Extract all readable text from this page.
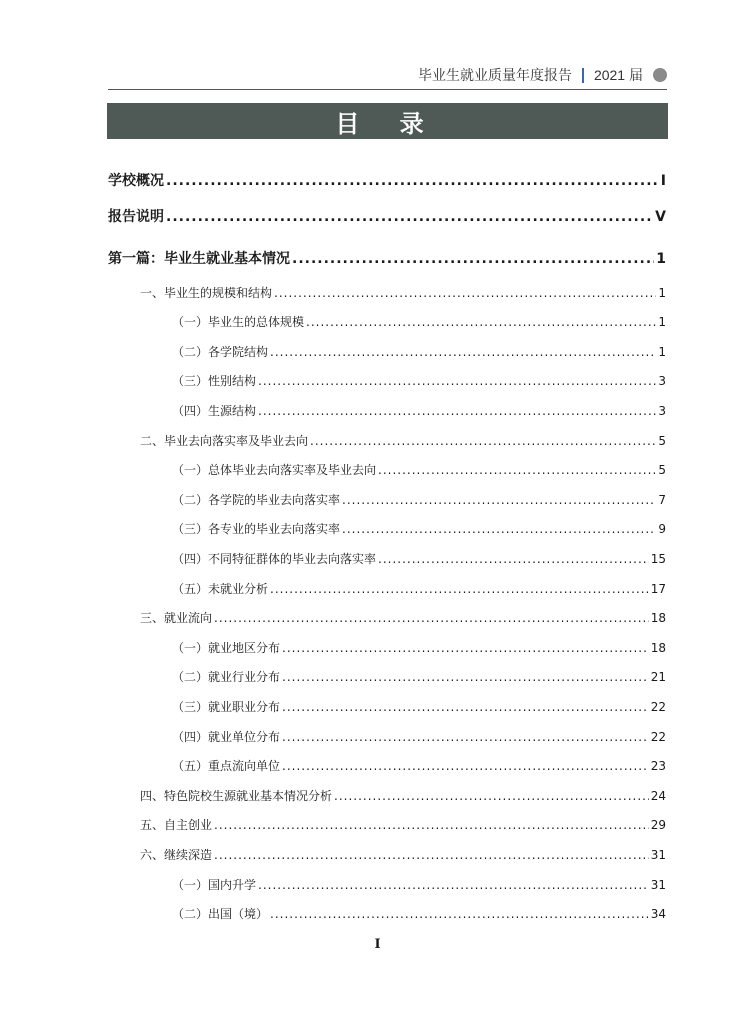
毕业生就业质量年度报告 2021 届
目 录
学校概况 .....	I
报告说明 .....	V
第一篇：毕业生就业基本情况 .....	1
一、毕业生的规模和结构 .....	1
（一）毕业生的总体规模 .....	1
（二）各学院结构 .....	1
（三）性别结构 .....	3
（四）生源结构 .....	3
二、毕业去向落实率及毕业去向 .....	5
（一）总体毕业去向落实率及毕业去向 .....	5
（二）各学院的毕业去向落实率 .....	7
（三）各专业的毕业去向落实率 .....	9
（四）不同特征群体的毕业去向落实率 .....	15
（五）未就业分析 .....	17
三、就业流向 .....	18
（一）就业地区分布 .....	18
（二）就业行业分布 .....	21
（三）就业职业分布 .....	22
（四）就业单位分布 .....	22
（五）重点流向单位 .....	23
四、特色院校生源就业基本情况分析 .....	24
五、自主创业 .....	29
六、继续深造 .....	31
（一）国内升学 .....	31
（二）出国（境） .....	34
I
